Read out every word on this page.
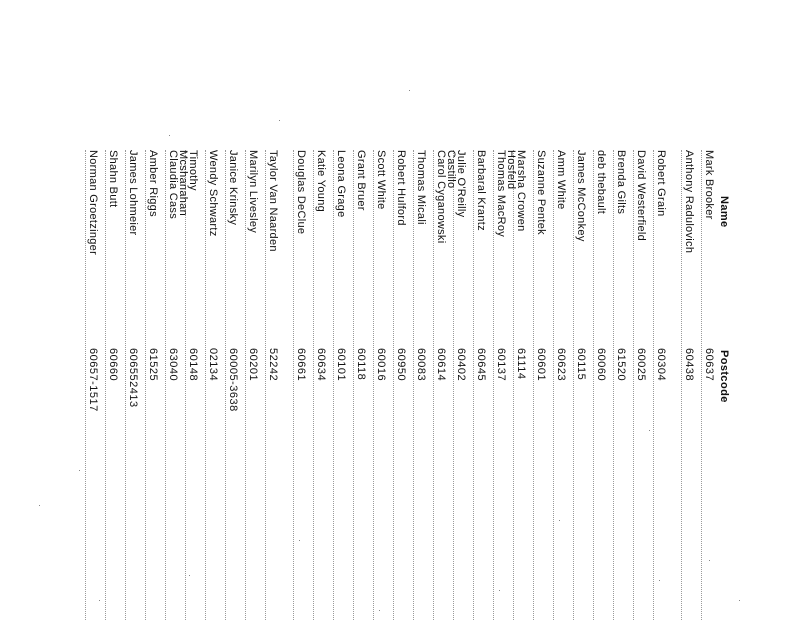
Name
Postcode
Mark Brooker
60637
Anthony Radulovich
60438
Robert Grain
60304
David Westerfield
60025
Brenda Gilts
61520
deb thebault
60060
James McConkey
60115
Amm White
60623
Suzanne Pentek
60601
Marsha Crowen Hosfeld
61114
Thomas MacRoy
60137
Barbaral Krantz
60645
Julie O'Reilly Castillo
60402
Carol Cyganowski
60614
Thomas Micali
60083
Robert Hulford
60950
Scott White
60016
Grant Bruer
60118
Leona Grage
60101
Katie Young
60634
Douglas DeClue
60661
Taylor Van Naarden
52242
Marilyn Livesley
60201
Janice Krinsky
60005-3638
Wendy Schwartz
02134
Timothy Mcshanahan
60148
Claudia Cass
63040
Amber Riggs
61525
James Lohmeier
606552413
Shahn Butt
60660
Norman Groetzinger
60657-1517
